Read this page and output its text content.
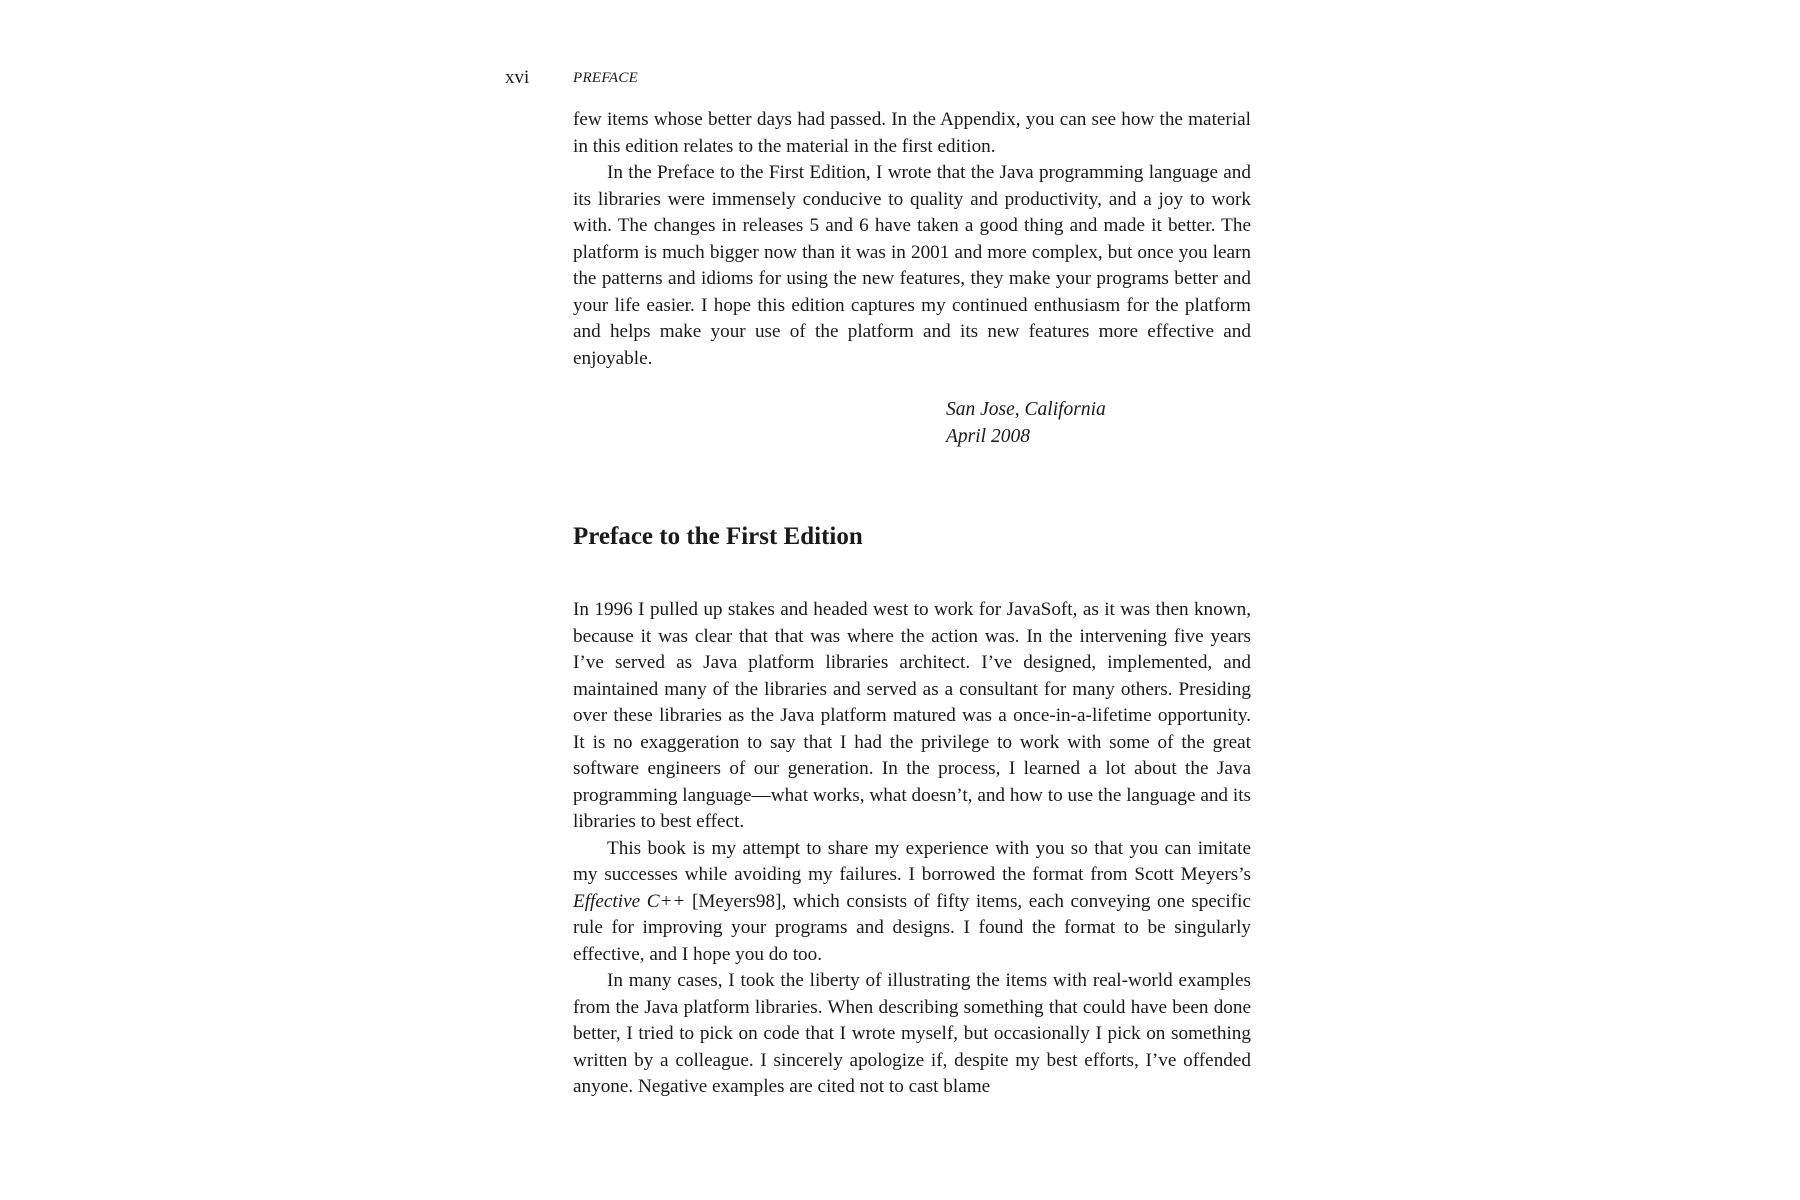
xvi	PREFACE

few items whose better days had passed. In the Appendix, you can see how the material in this edition relates to the material in the first edition.

In the Preface to the First Edition, I wrote that the Java programming language and its libraries were immensely conducive to quality and productivity, and a joy to work with. The changes in releases 5 and 6 have taken a good thing and made it better. The platform is much bigger now than it was in 2001 and more complex, but once you learn the patterns and idioms for using the new features, they make your programs better and your life easier. I hope this edition captures my continued enthusiasm for the platform and helps make your use of the platform and its new features more effective and enjoyable.

San Jose, California
April 2008
Preface to the First Edition

In 1996 I pulled up stakes and headed west to work for JavaSoft, as it was then known, because it was clear that that was where the action was. In the intervening five years I’ve served as Java platform libraries architect. I’ve designed, implemented, and maintained many of the libraries and served as a consultant for many others. Presiding over these libraries as the Java platform matured was a once-in-a-lifetime opportunity. It is no exaggeration to say that I had the privilege to work with some of the great software engineers of our generation. In the process, I learned a lot about the Java programming language—what works, what doesn’t, and how to use the language and its libraries to best effect.

This book is my attempt to share my experience with you so that you can imitate my successes while avoiding my failures. I borrowed the format from Scott Meyers’s Effective C++ [Meyers98], which consists of fifty items, each conveying one specific rule for improving your programs and designs. I found the format to be singularly effective, and I hope you do too.

In many cases, I took the liberty of illustrating the items with real-world examples from the Java platform libraries. When describing something that could have been done better, I tried to pick on code that I wrote myself, but occasionally I pick on something written by a colleague. I sincerely apologize if, despite my best efforts, I’ve offended anyone. Negative examples are cited not to cast blame
